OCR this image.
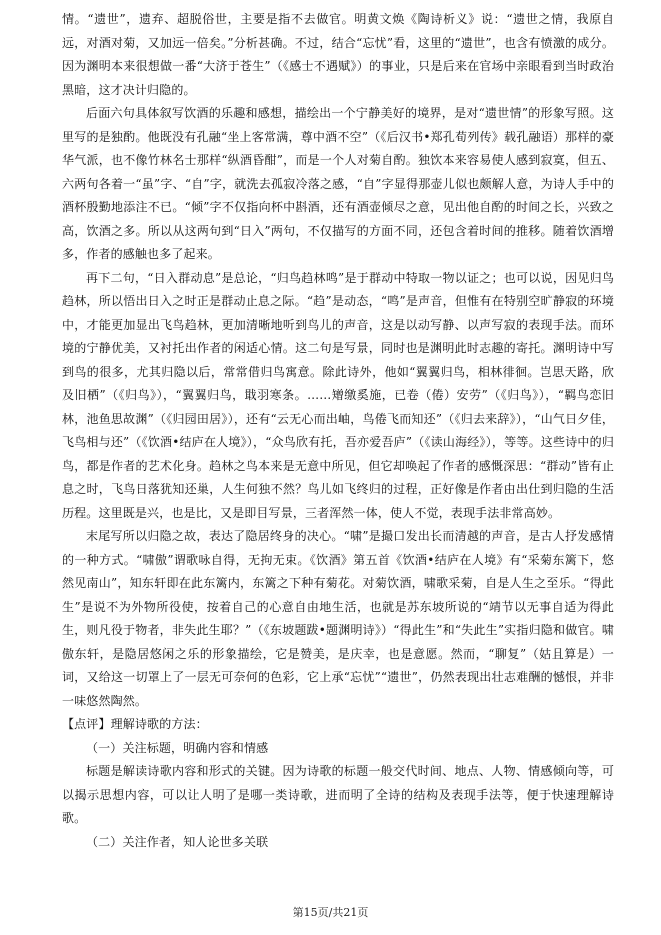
情。“遗世”，遗弃、超脱俗世，主要是指不去做官。明黄文焕《陶诗析义》说：“遗世之情，我原自远，对酒对菊，又加远一倍矣。”分析甚确。不过，结合“忘忧”看，这里的“遗世”，也含有愤激的成分。因为渊明本来很想做一番“大济于苍生”（《感士不遇赋》）的事业，只是后来在官场中亲眼看到当时政治黑暗，这才决计归隐的。

后面六句具体叙写饮酒的乐趣和感想，描绘出一个宁静美好的境界，是对“遗世情”的形象写照。这里写的是独酌。他既没有孔融“坐上客常满，尊中酒不空”（《后汉书•郑孔荀列传》载孔融语）那样的豪华气派，也不像竹林名士那样“纵酒昏酣”，而是一个人对菊自酌。独饮本来容易使人感到寂寞，但五、六两句各着一“虽”字、“自”字，就洗去孤寂冷落之感，“自”字显得那壶儿似也颇解人意，为诗人手中的酒杯殷勤地添注不已。“倾”字不仅指向杯中斟酒，还有酒壶倾尽之意，见出他自酌的时间之长，兴致之高，饮酒之多。所以从这两句到“日入”两句，不仅描写的方面不同，还包含着时间的推移。随着饮酒增多，作者的感触也多了起来。

再下二句，“日入群动息”是总论，“归鸟趋林鸣”是于群动中特取一物以证之；也可以说，因见归鸟趋林，所以悟出日入之时正是群动止息之际。“趋”是动态，“鸣”是声音，但惟有在特别空旷静寂的环境中，才能更加显出飞鸟趋林，更加清晰地听到鸟儿的声音，这是以动写静、以声写寂的表现手法。而环境的宁静优美，又衬托出作者的闲适心情。这二句是写景，同时也是渊明此时志趣的寄托。渊明诗中写到鸟的很多，尤其归隐以后，常常借归鸟寓意。除此诗外，他如“翼翼归鸟，相林徘徊。岂思天路，欣及旧栖”（《归鸟》），“翼翼归鸟，戢羽寒条。……矰缴奚施，已卷（倦）安劳”（《归鸟》），“羁鸟恋旧林，池鱼思故渊”（《归园田居》），还有“云无心而出岫，鸟倦飞而知还”（《归去来辞》），“山气日夕佳，飞鸟相与还”（《饮酒•结庐在人境》），“众鸟欣有托，吾亦爱吾庐”（《读山海经》），等等。这些诗中的归鸟，都是作者的艺术化身。趋林之鸟本来是无意中所见，但它却唤起了作者的感慨深思：“群动”皆有止息之时，飞鸟日落犹知还巢，人生何独不然？鸟儿如飞终归的过程，正好像是作者由出仕到归隐的生活历程。这里既是兴，也是比，又是即目写景，三者浑然一体，使人不觉，表现手法非常高妙。

末尾写所以归隐之故，表达了隐居终身的决心。“啸”是撮口发出长而清越的声音，是古人抒发感情的一种方式。“啸傲”谓歌咏自得，无拘无束。《饮酒》第五首《饮酒•结庐在人境》有“采菊东篱下，悠然见南山”，知东轩即在此东篱内，东篱之下种有菊花。对菊饮酒，啸歌采菊，自是人生之至乐。“得此生”是说不为外物所役使，按着自己的心意自由地生活，也就是苏东坡所说的“靖节以无事自适为得此生，则凡役于物者，非失此生耶？”（《东坡题跋•题渊明诗》）“得此生”和“失此生”实指归隐和做官。啸傲东轩，是隐居悠闲之乐的形象描绘，它是赞美，是庆幸，也是意愿。然而，“聊复”（姑且算是）一词，又给这一切罩上了一层无可奈何的色彩，它上承“忘忧”“遗世”，仍然表现出壮志难酬的憾恨，并非一味悠然陶然。

【点评】理解诗歌的方法：

（一）关注标题，明确内容和情感

标题是解读诗歌内容和形式的关键。因为诗歌的标题一般交代时间、地点、人物、情感倾向等，可以揭示思想内容，可以让人明了是哪一类诗歌，进而明了全诗的结构及表现手法等，便于快速理解诗歌。

（二）关注作者，知人论世多关联

第15页/共21页
